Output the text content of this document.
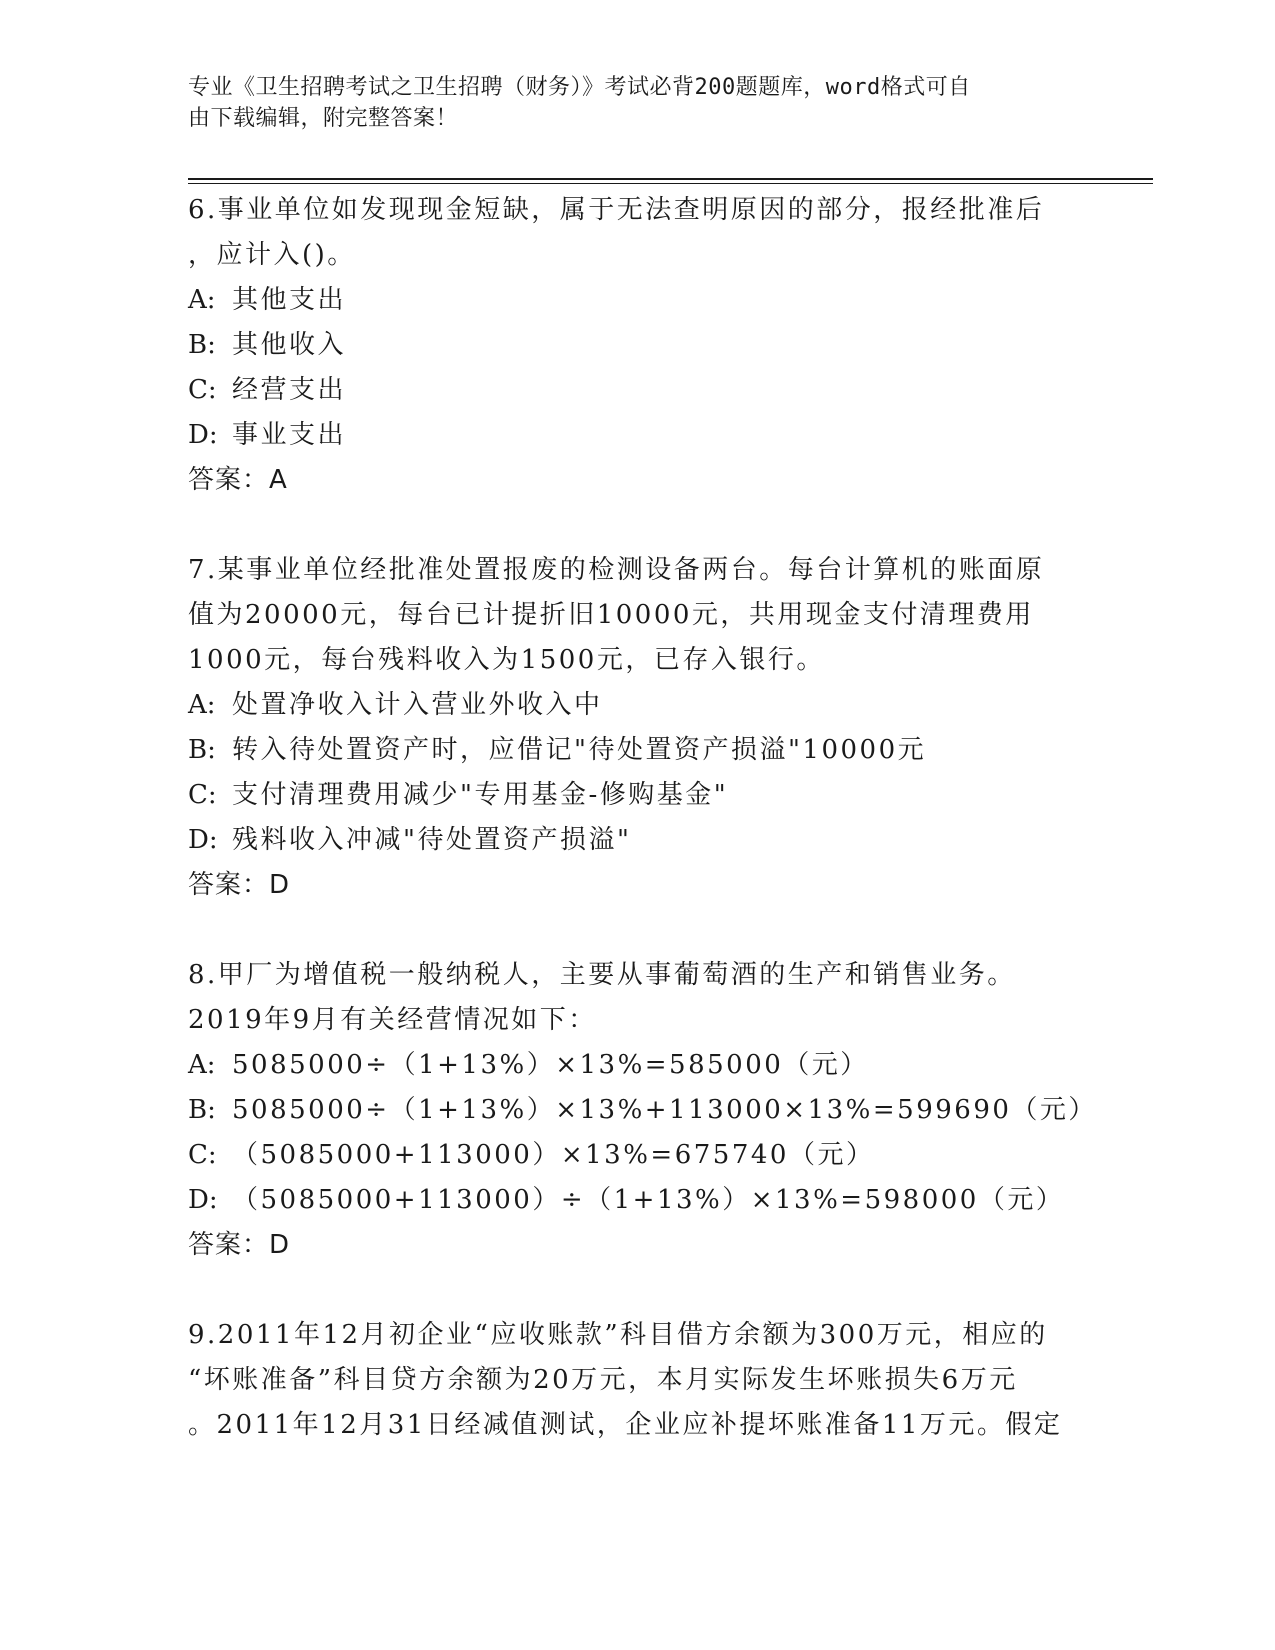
专业《卫生招聘考试之卫生招聘（财务）》考试必背200题题库，word格式可自
由下载编辑，附完整答案！
6.事业单位如发现现金短缺，属于无法查明原因的部分，报经批准后
，应计入()。
A: 其他支出
B: 其他收入
C: 经营支出
D: 事业支出
答案：A
7.某事业单位经批准处置报废的检测设备两台。每台计算机的账面原
值为20000元，每台已计提折旧10000元，共用现金支付清理费用
1000元，每台残料收入为1500元，已存入银行。
A: 处置净收入计入营业外收入中
B: 转入待处置资产时，应借记"待处置资产损溢"10000元
C: 支付清理费用减少"专用基金-修购基金"
D: 残料收入冲减"待处置资产损溢"
答案：D
8.甲厂为增值税一般纳税人，主要从事葡萄酒的生产和销售业务。
2019年9月有关经营情况如下：
A: 5085000÷（1+13%）×13%=585000（元）
B: 5085000÷（1+13%）×13%+113000×13%=599690（元）
C: （5085000+113000）×13%=675740（元）
D: （5085000+113000）÷（1+13%）×13%=598000（元）
答案：D
9.2011年12月初企业“应收账款”科目借方余额为300万元，相应的
“坏账准备”科目贷方余额为20万元，本月实际发生坏账损失6万元
。2011年12月31日经减值测试，企业应补提坏账准备11万元。假定
